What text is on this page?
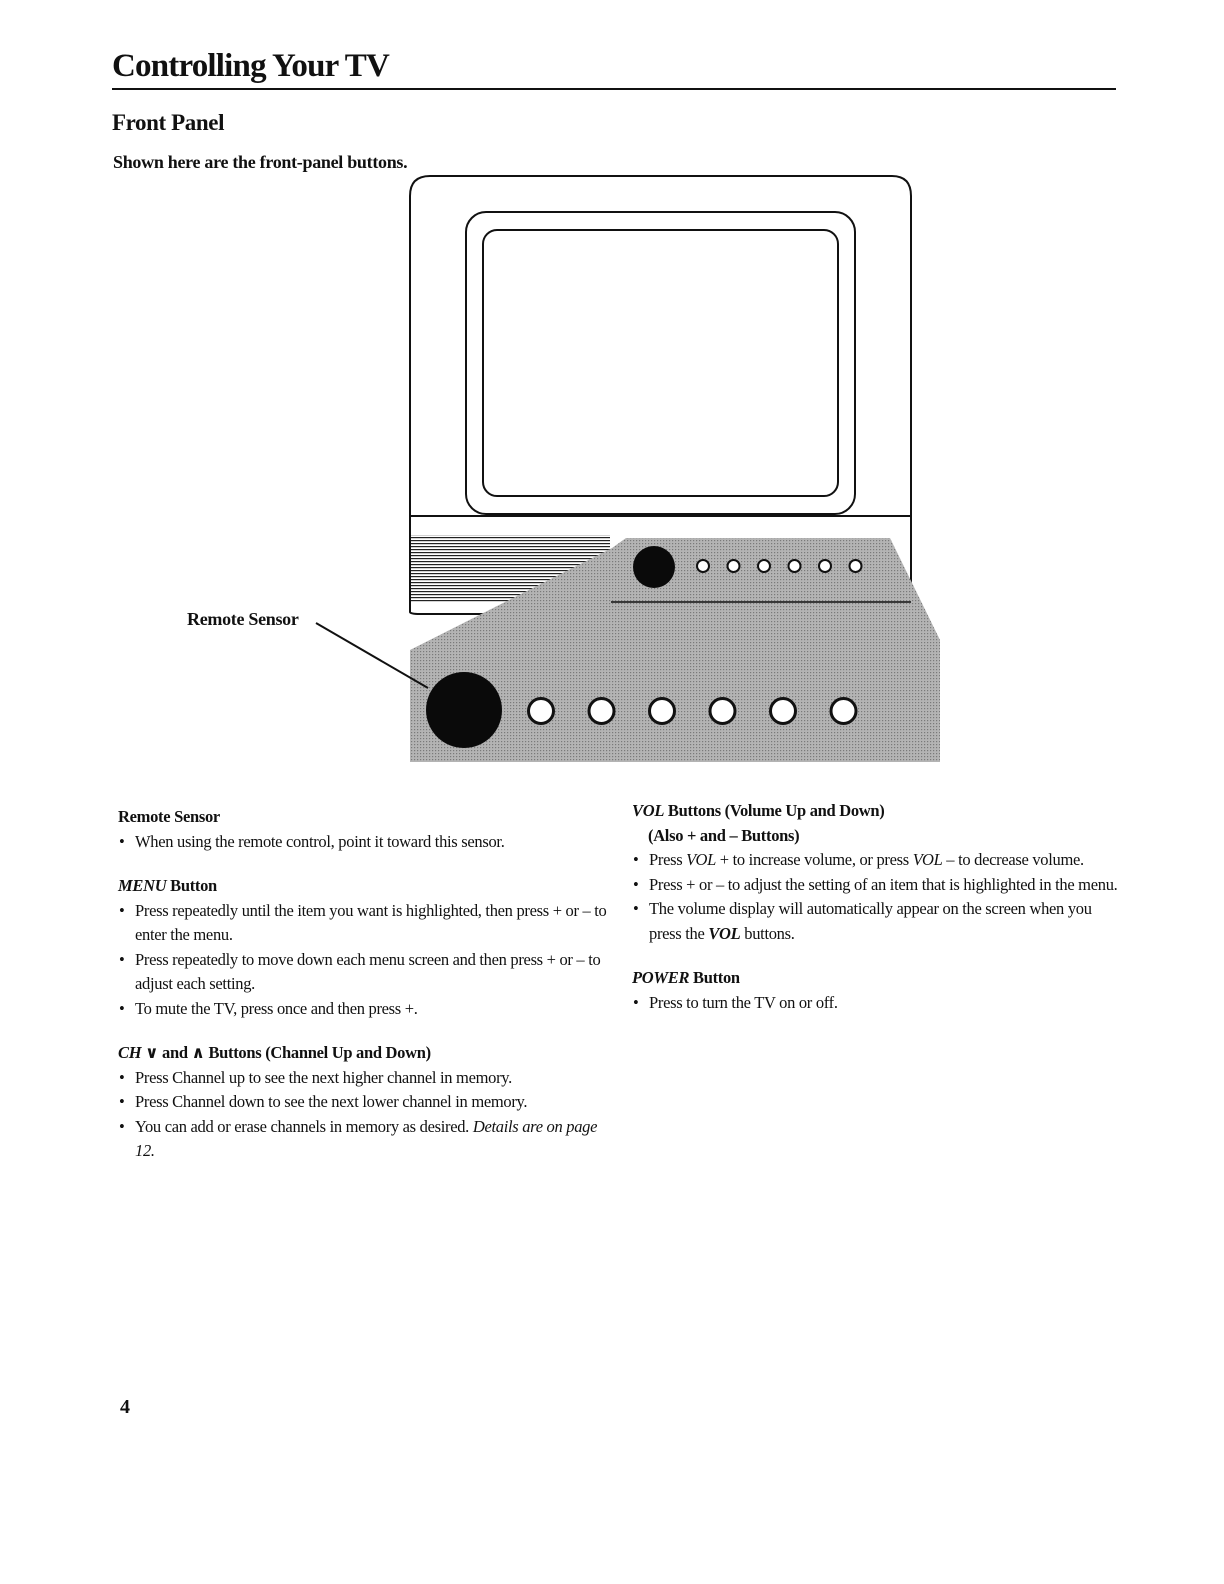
Controlling Your TV
Front Panel

Shown here are the front-panel buttons.

Remote Sensor

Remote Sensor

• When using the remote control, point it toward this sensor.

MENU Button

• Press repeatedly until the item you want is highlighted, then press + or – to enter the menu.
• Press repeatedly to move down each menu screen and then press + or – to adjust each setting.
• To mute the TV, press once and then press +.

CH ∨ and ∧ Buttons (Channel Up and Down)

• Press Channel up to see the next higher channel in memory.
• Press Channel down to see the next lower channel in memory.
• You can add or erase channels in memory as desired. Details are on page 12.

VOL Buttons (Volume Up and Down)
(Also + and – Buttons)

• Press VOL + to increase volume, or press VOL – to decrease volume.
• Press + or – to adjust the setting of an item that is highlighted in the menu.
• The volume display will automatically appear on the screen when you press the VOL buttons.

POWER Button

• Press to turn the TV on or off.
4
